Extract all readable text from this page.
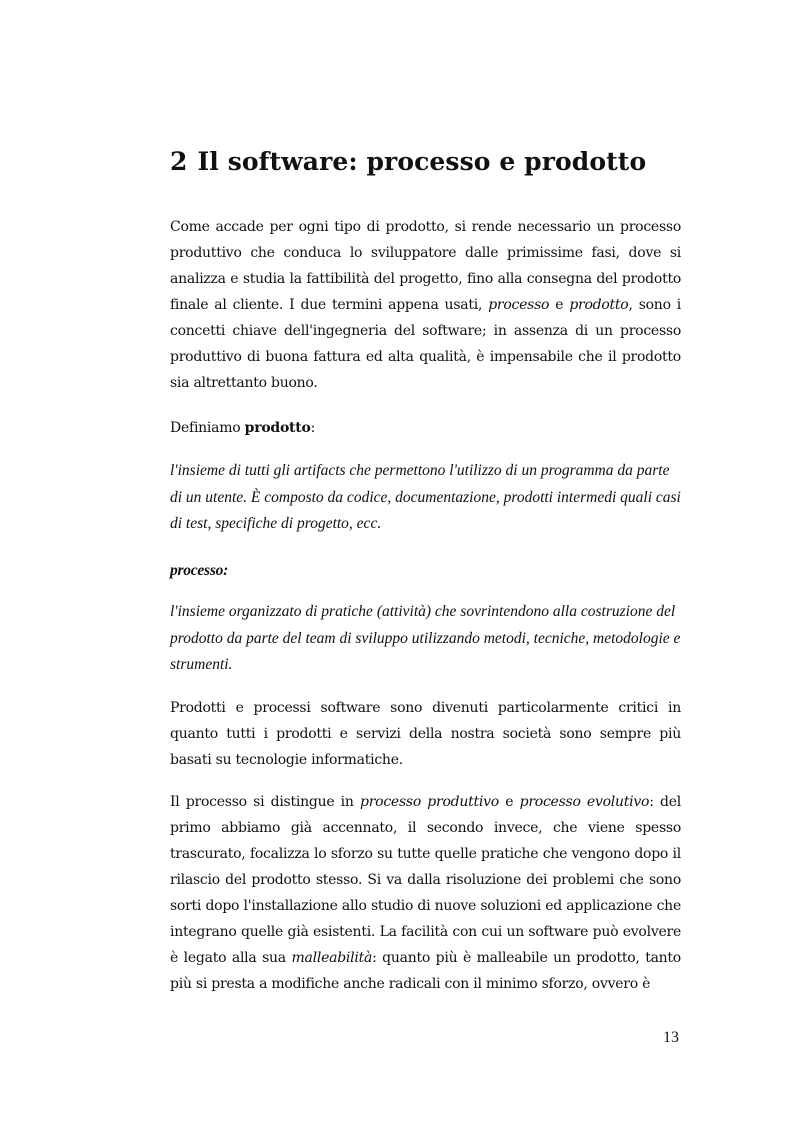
2 Il software: processo e prodotto

Come accade per ogni tipo di prodotto, si rende necessario un processo produttivo che conduca lo sviluppatore dalle primissime fasi, dove si analizza e studia la fattibilità del progetto, fino alla consegna del prodotto finale al cliente. I due termini appena usati, processo e prodotto, sono i concetti chiave dell'ingegneria del software; in assenza di un processo produttivo di buona fattura ed alta qualità, è impensabile che il prodotto sia altrettanto buono.

Definiamo prodotto:

l'insieme di tutti gli artifacts che permettono l'utilizzo di un programma da parte di un utente. È composto da codice, documentazione, prodotti intermedi quali casi di test, specifiche di progetto, ecc.

processo:

l'insieme organizzato di pratiche (attività) che sovrintendono alla costruzione del prodotto da parte del team di sviluppo utilizzando metodi, tecniche, metodologie e strumenti.

Prodotti e processi software sono divenuti particolarmente critici in quanto tutti i prodotti e servizi della nostra società sono sempre più basati su tecnologie informatiche.

Il processo si distingue in processo produttivo e processo evolutivo: del primo abbiamo già accennato, il secondo invece, che viene spesso trascurato, focalizza lo sforzo su tutte quelle pratiche che vengono dopo il rilascio del prodotto stesso. Si va dalla risoluzione dei problemi che sono sorti dopo l'installazione allo studio di nuove soluzioni ed applicazione che integrano quelle già esistenti. La facilità con cui un software può evolvere è legato alla sua malleabilità: quanto più è malleabile un prodotto, tanto più si presta a modifiche anche radicali con il minimo sforzo, ovvero è

13
